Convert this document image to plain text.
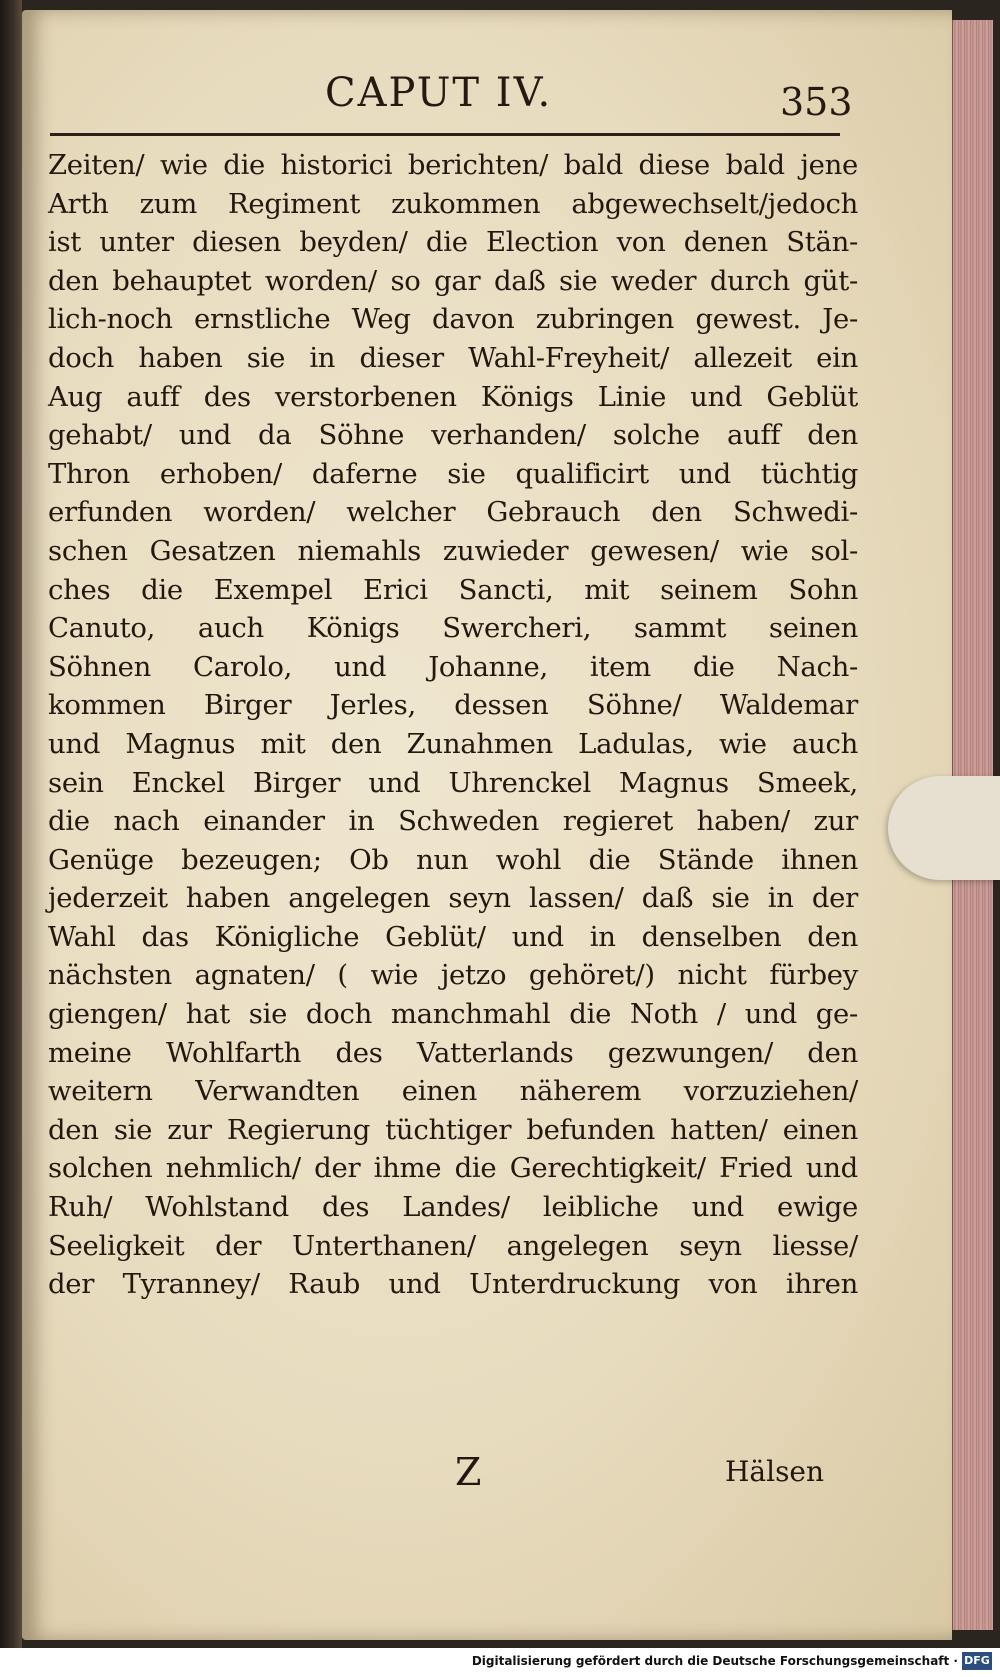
CAPUT IV.	353
Zeiten/ wie die historici berichten/ bald diese bald jene
Arth zum Regiment zukommen abgewechselt/jedoch
ist unter diesen beyden/ die Election von denen Stän-
den behauptet worden/ so gar daß sie weder durch güt-
lich-noch ernstliche Weg davon zubringen gewest. Je-
doch haben sie in dieser Wahl-Freyheit/ allezeit ein
Aug auff des verstorbenen Königs Linie und Geblüt
gehabt/ und da Söhne verhanden/ solche auff den
Thron erhoben/ daferne sie qualificirt und tüchtig
erfunden worden/ welcher Gebrauch den Schwedi-
schen Gesatzen niemahls zuwieder gewesen/ wie sol-
ches die Exempel Erici Sancti, mit seinem Sohn
Canuto, auch Königs Swercheri, sammt seinen
Söhnen Carolo, und Johanne, item die Nach-
kommen Birger Jerles, dessen Söhne/ Waldemar
und Magnus mit den Zunahmen Ladulas, wie auch
sein Enckel Birger und Uhrenckel Magnus Smeek,
die nach einander in Schweden regieret haben/ zur
Genüge bezeugen; Ob nun wohl die Stände ihnen
jederzeit haben angelegen seyn lassen/ daß sie in der
Wahl das Königliche Geblüt/ und in denselben den
nächsten agnaten/ ( wie jetzo gehöret/) nicht fürbey
giengen/ hat sie doch manchmahl die Noth / und ge-
meine Wohlfarth des Vatterlands gezwungen/ den
weitern Verwandten einen näherem vorzuziehen/
den sie zur Regierung tüchtiger befunden hatten/ einen
solchen nehmlich/ der ihme die Gerechtigkeit/ Fried und
Ruh/ Wohlstand des Landes/ leibliche und ewige
Seeligkeit der Unterthanen/ angelegen seyn liesse/
der Tyranney/ Raub und Unterdruckung von ihren
Z	Hälsen
Digitalisierung gefördert durch die Deutsche Forschungsgemeinschaft · DFG
